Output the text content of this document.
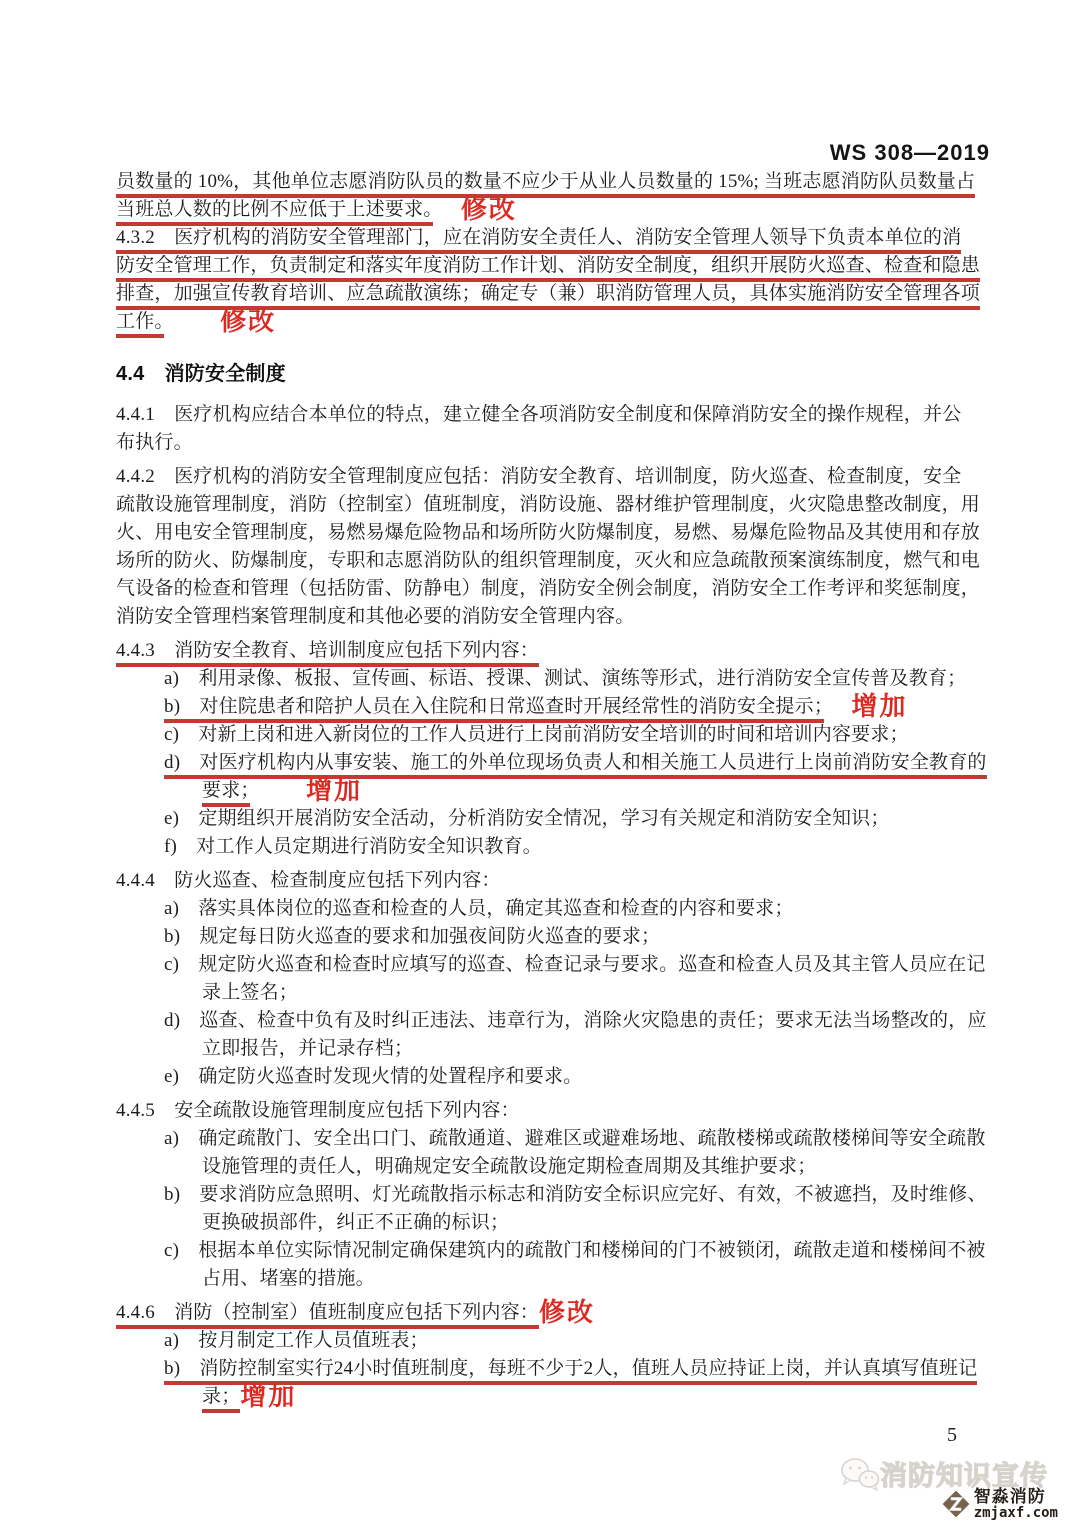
WS 308—2019
员数量的 10%，其他单位志愿消防队员的数量不应少于从业人员数量的 15%; 当班志愿消防队员数量占
当班总人数的比例不应低于上述要求。　修改
4.3.2　医疗机构的消防安全管理部门，应在消防安全责任人、消防安全管理人领导下负责本单位的消
防安全管理工作，负责制定和落实年度消防工作计划、消防安全制度，组织开展防火巡查、检查和隐患
排查，加强宣传教育培训、应急疏散演练；确定专（兼）职消防管理人员，具体实施消防安全管理各项
工作。　　修改
4.4　消防安全制度
4.4.1　医疗机构应结合本单位的特点，建立健全各项消防安全制度和保障消防安全的操作规程，并公
布执行。
4.4.2　医疗机构的消防安全管理制度应包括：消防安全教育、培训制度，防火巡查、检查制度，安全
疏散设施管理制度，消防（控制室）值班制度，消防设施、器材维护管理制度，火灾隐患整改制度，用
火、用电安全管理制度，易燃易爆危险物品和场所防火防爆制度，易燃、易爆危险物品及其使用和存放
场所的防火、防爆制度，专职和志愿消防队的组织管理制度，灭火和应急疏散预案演练制度，燃气和电
气设备的检查和管理（包括防雷、防静电）制度，消防安全例会制度，消防安全工作考评和奖惩制度，
消防安全管理档案管理制度和其他必要的消防安全管理内容。
4.4.3　消防安全教育、培训制度应包括下列内容：
a)　利用录像、板报、宣传画、标语、授课、测试、演练等形式，进行消防安全宣传普及教育；
b)　对住院患者和陪护人员在入住院和日常巡查时开展经常性的消防安全提示；　增加
c)　对新上岗和进入新岗位的工作人员进行上岗前消防安全培训的时间和培训内容要求；
d)　对医疗机构内从事安装、施工的外单位现场负责人和相关施工人员进行上岗前消防安全教育的
要求；　　增加
e)　定期组织开展消防安全活动，分析消防安全情况，学习有关规定和消防安全知识；
f)　对工作人员定期进行消防安全知识教育。
4.4.4　防火巡查、检查制度应包括下列内容：
a)　落实具体岗位的巡查和检查的人员，确定其巡查和检查的内容和要求；
b)　规定每日防火巡查的要求和加强夜间防火巡查的要求；
c)　规定防火巡查和检查时应填写的巡查、检查记录与要求。巡查和检查人员及其主管人员应在记
录上签名；
d)　巡查、检查中负有及时纠正违法、违章行为，消除火灾隐患的责任；要求无法当场整改的，应
立即报告，并记录存档；
e)　确定防火巡查时发现火情的处置程序和要求。
4.4.5　安全疏散设施管理制度应包括下列内容：
a)　确定疏散门、安全出口门、疏散通道、避难区或避难场地、疏散楼梯或疏散楼梯间等安全疏散
设施管理的责任人，明确规定安全疏散设施定期检查周期及其维护要求；
b)　要求消防应急照明、灯光疏散指示标志和消防安全标识应完好、有效，不被遮挡，及时维修、
更换破损部件，纠正不正确的标识；
c)　根据本单位实际情况制定确保建筑内的疏散门和楼梯间的门不被锁闭，疏散走道和楼梯间不被
占用、堵塞的措施。
4.4.6　消防（控制室）值班制度应包括下列内容：修改
a)　按月制定工作人员值班表；
b)　消防控制室实行24小时值班制度，每班不少于2人，值班人员应持证上岗，并认真填写值班记
录；增加
5
消防知识宣传
智淼消防
zmjaxf.com
